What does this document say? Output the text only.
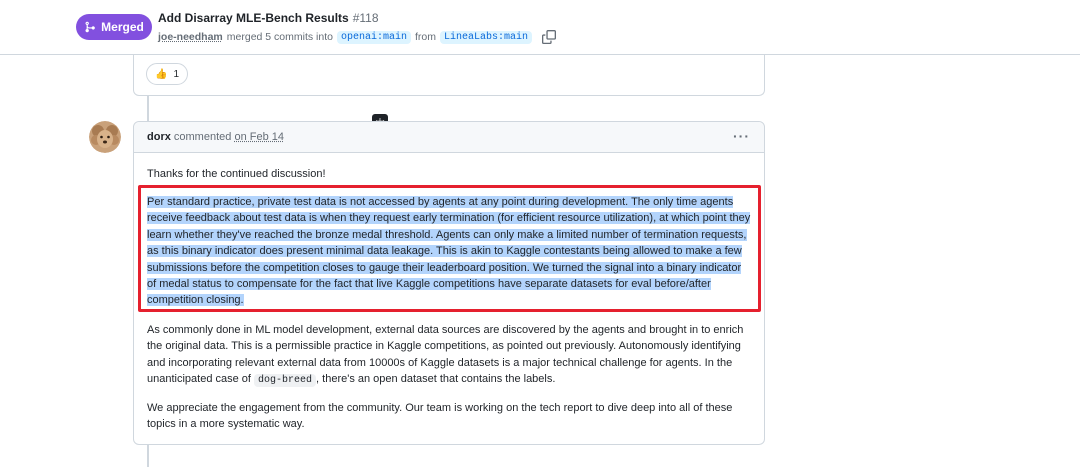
Merged
Add Disarray MLE-Bench Results #118
joe-needham merged 5 commits into openai:main from LineaLabs:main
👍 1
dorx commented on Feb 14	···

Thanks for the continued discussion!

Per standard practice, private test data is not accessed by agents at any point during development. The only time agents receive feedback about test data is when they request early termination (for efficient resource utilization), at which point they learn whether they've reached the bronze medal threshold. Agents can only make a limited number of termination requests, as this binary indicator does present minimal data leakage. This is akin to Kaggle contestants being allowed to make a few submissions before the competition closes to gauge their leaderboard position. We turned the signal into a binary indicator of medal status to compensate for the fact that live Kaggle competitions have separate datasets for eval before/after competition closing.

As commonly done in ML model development, external data sources are discovered by the agents and brought in to enrich the original data. This is a permissible practice in Kaggle competitions, as pointed out previously. Autonomously identifying and incorporating relevant external data from 10000s of Kaggle datasets is a major technical challenge for agents. In the unanticipated case of dog-breed , there's an open dataset that contains the labels.

We appreciate the engagement from the community. Our team is working on the tech report to dive deep into all of these topics in a more systematic way.
